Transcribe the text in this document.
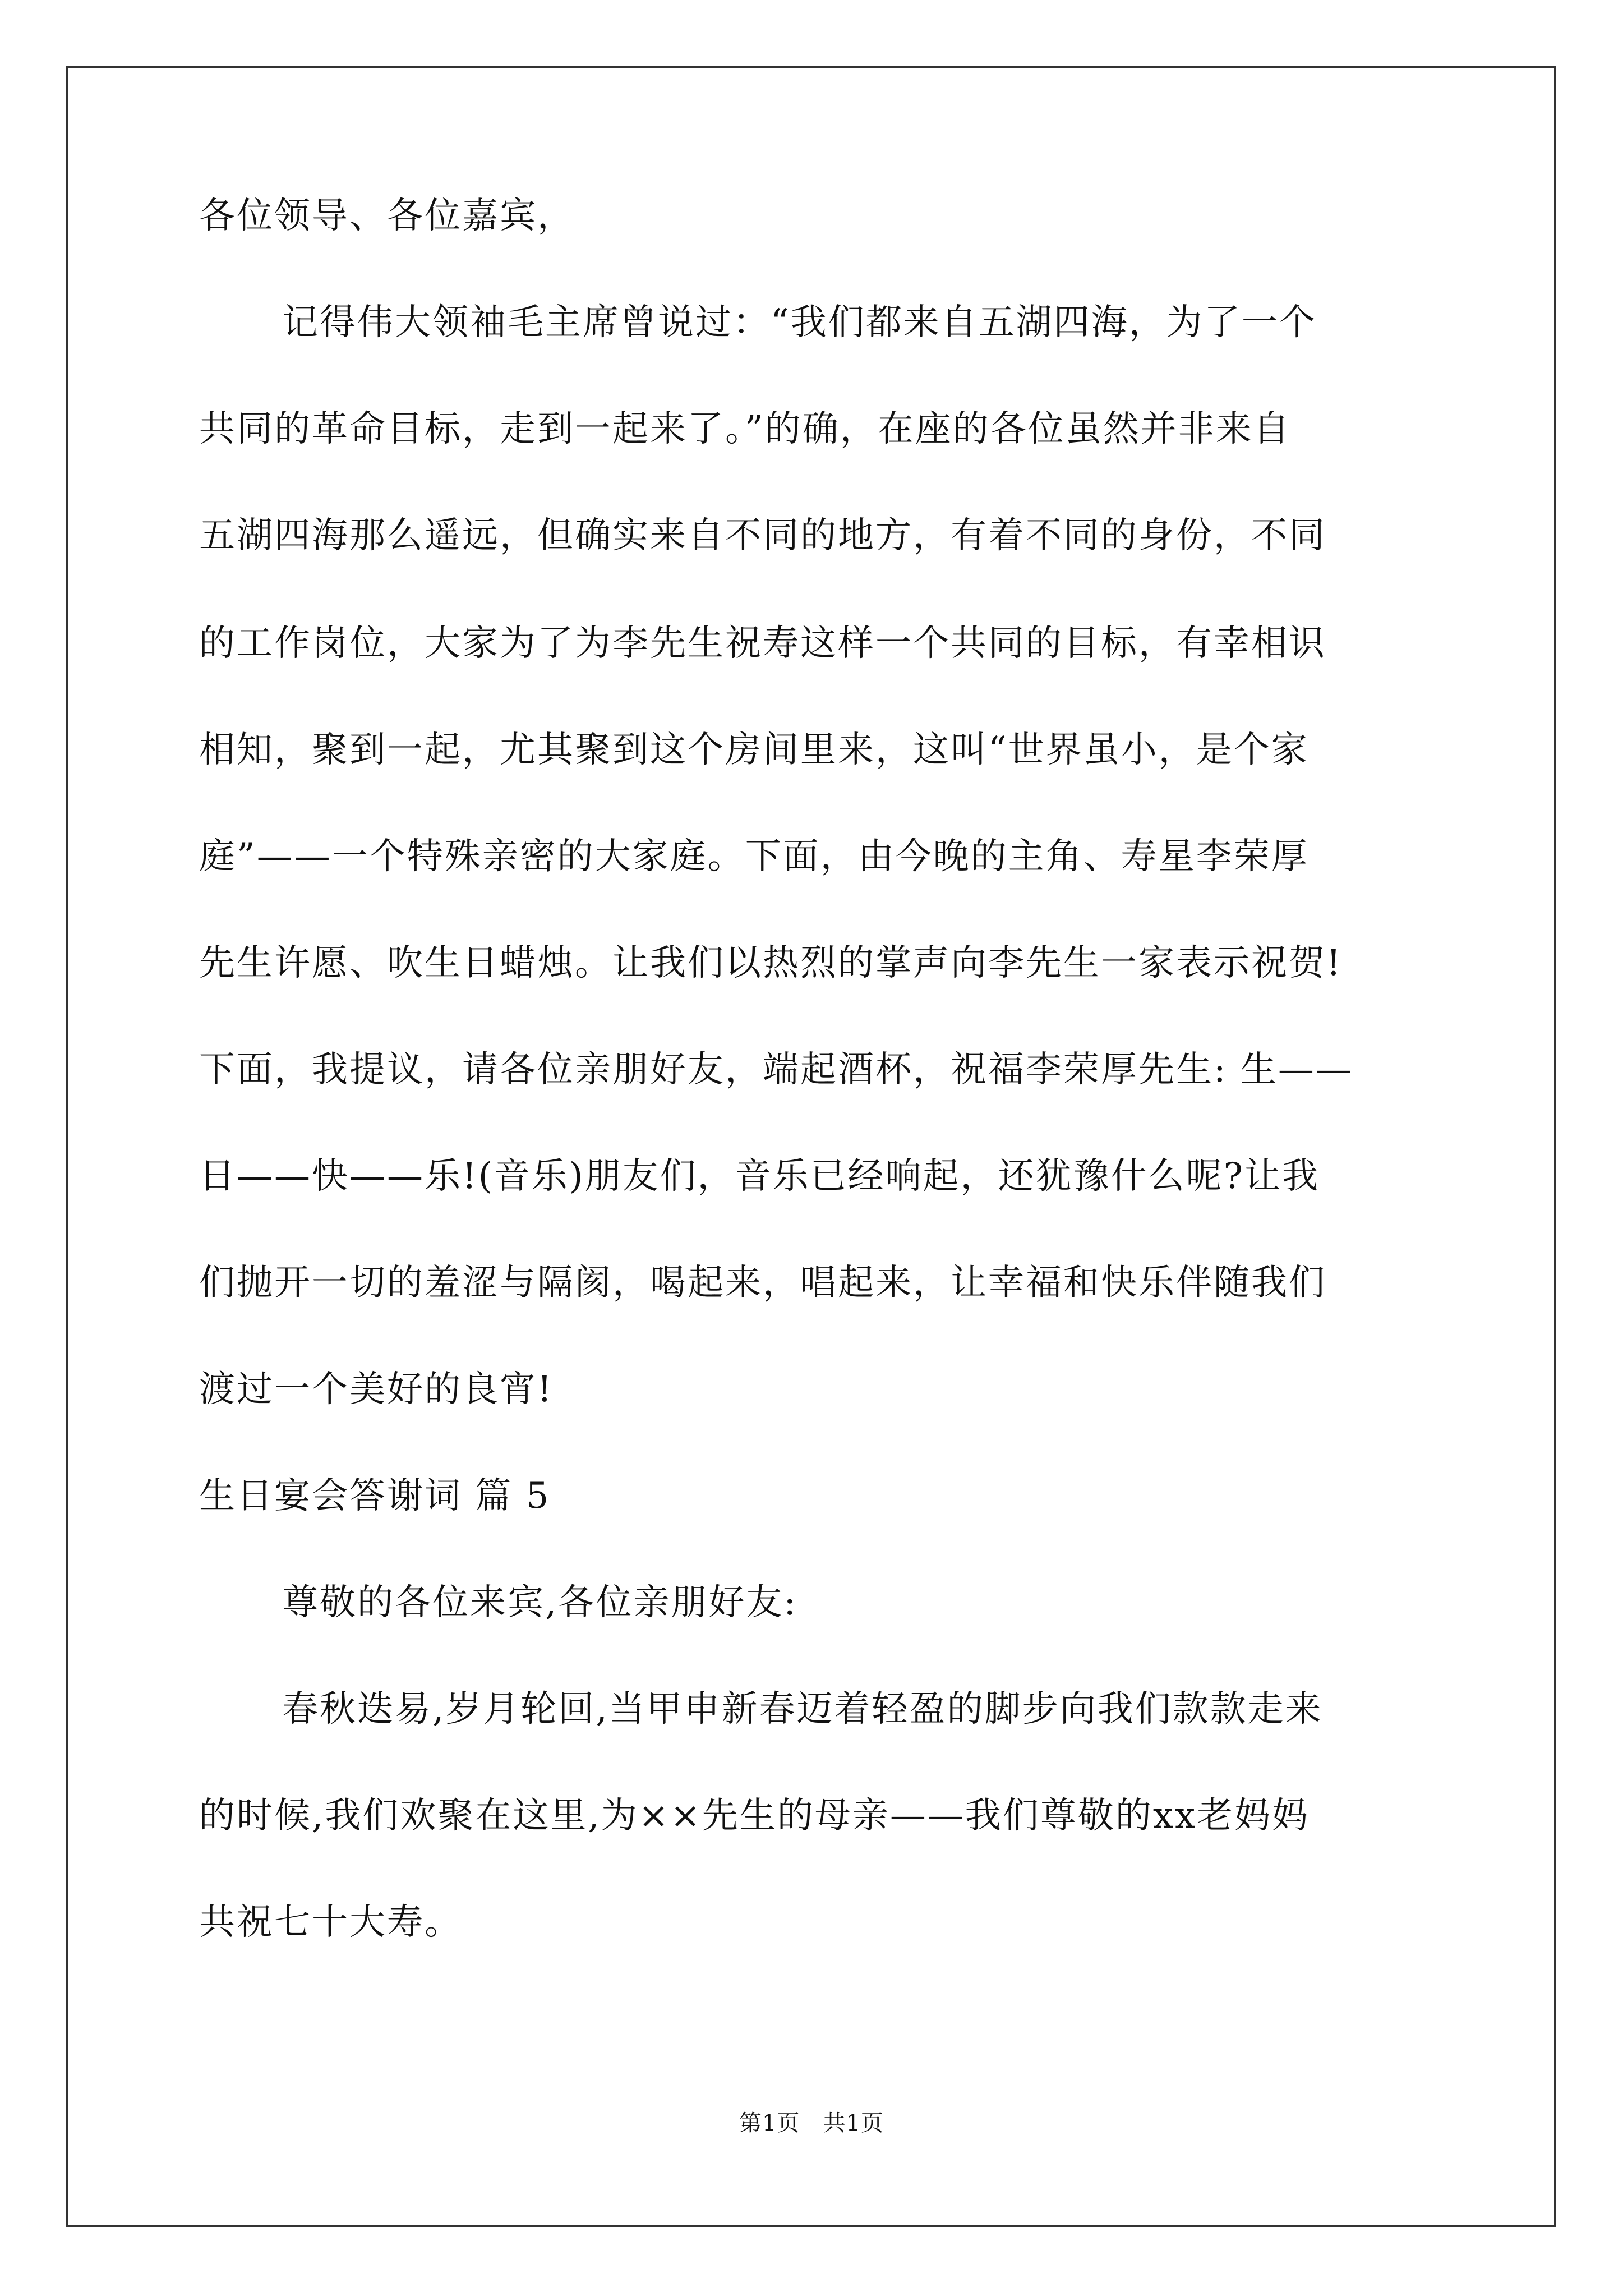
各位领导、各位嘉宾，
记得伟大领袖毛主席曾说过：“我们都来自五湖四海，为了一个
共同的革命目标，走到一起来了。”的确，在座的各位虽然并非来自
五湖四海那么遥远，但确实来自不同的地方，有着不同的身份，不同
的工作岗位，大家为了为李先生祝寿这样一个共同的目标，有幸相识
相知，聚到一起，尤其聚到这个房间里来，这叫“世界虽小，是个家
庭”——一个特殊亲密的大家庭。下面，由今晚的主角、寿星李荣厚
先生许愿、吹生日蜡烛。让我们以热烈的掌声向李先生一家表示祝贺!
下面，我提议，请各位亲朋好友，端起酒杯，祝福李荣厚先生: 生——
日——快——乐!(音乐)朋友们，音乐已经响起，还犹豫什么呢?让我
们抛开一切的羞涩与隔阂，喝起来，唱起来，让幸福和快乐伴随我们
渡过一个美好的良宵!
生日宴会答谢词 篇 5
尊敬的各位来宾,各位亲朋好友:
春秋迭易,岁月轮回,当甲申新春迈着轻盈的脚步向我们款款走来
的时候,我们欢聚在这里,为××先生的母亲——我们尊敬的xx老妈妈
共祝七十大寿。
第1页　共1页
